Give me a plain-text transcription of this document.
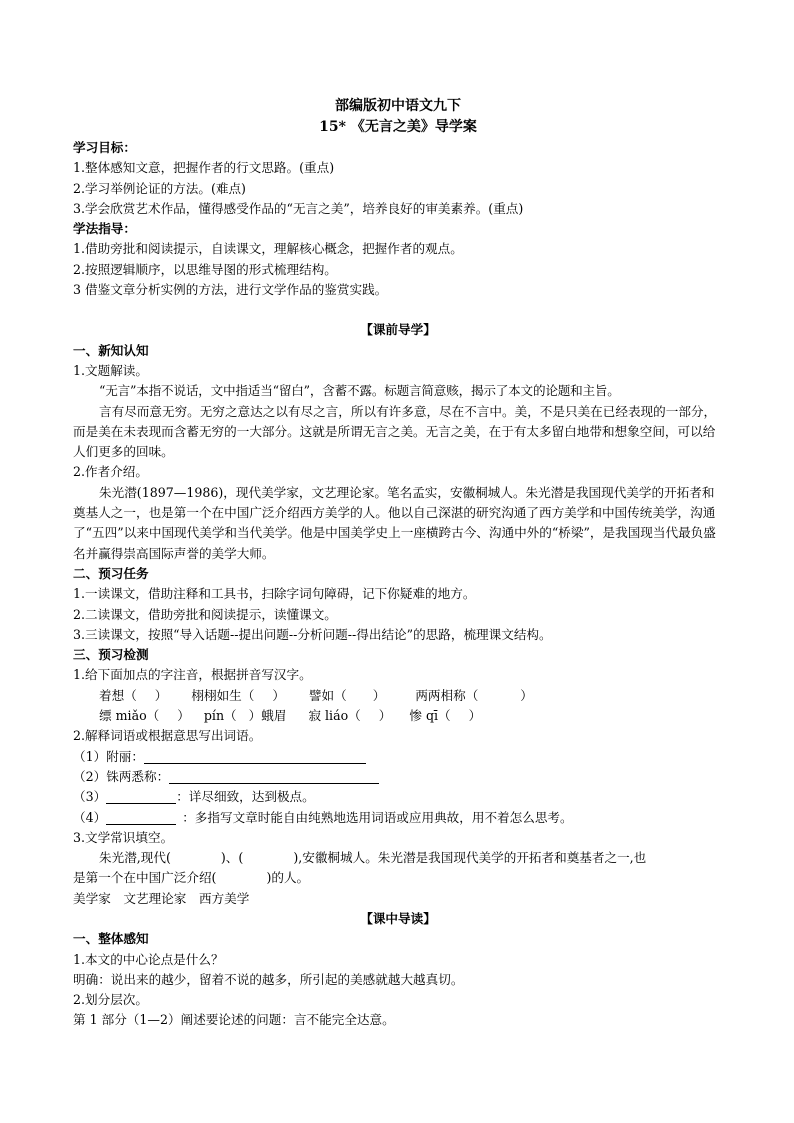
部编版初中语文九下

15* 《无言之美》导学案

学习目标：

1.整体感知文意，把握作者的行文思路。(重点)

2.学习举例论证的方法。(难点)

3.学会欣赏艺术作品，懂得感受作品的“无言之美”，培养良好的审美素养。(重点)

学法指导：

1.借助旁批和阅读提示，自读课文，理解核心概念，把握作者的观点。

2.按照逻辑顺序，以思维导图的形式梳理结构。

3 借鉴文章分析实例的方法，进行文学作品的鉴赏实践。

【课前导学】

一、新知认知

1.文题解读。

“无言”本指不说话，文中指适当“留白”，含蓄不露。标题言简意赅，揭示了本文的论题和主旨。

言有尽而意无穷。无穷之意达之以有尽之言，所以有许多意，尽在不言中。美，不是只美在已经表现的一部分，而是美在未表现而含蓄无穷的一大部分。这就是所谓无言之美。无言之美，在于有太多留白地带和想象空间，可以给人们更多的回味。

2.作者介绍。

朱光潜(1897—1986)，现代美学家，文艺理论家。笔名孟实，安徽桐城人。朱光潜是我国现代美学的开拓者和奠基人之一，也是第一个在中国广泛介绍西方美学的人。他以自己深湛的研究沟通了西方美学和中国传统美学，沟通了“五四”以来中国现代美学和当代美学。他是中国美学史上一座横跨古今、沟通中外的“桥梁”，是我国现当代最负盛名并赢得崇高国际声誉的美学大师。

二、预习任务

1.一读课文，借助注释和工具书，扫除字词句障碍，记下你疑难的地方。

2.二读课文，借助旁批和阅读提示，读懂课文。

3.三读课文，按照“导入话题--提出问题--分析问题--得出结论”的思路，梳理课文结构。

三、预习检测

1.给下面加点的字注音，根据拼音写汉字。

着想（ ） 栩栩如生（ ） 譬如（ ） 两两相称（	）

缥 miǎo（ ） pín（ ）蛾眉 寂 liáo（ ） 惨 qī（ ）

2.解释词语或根据意思写出词语。

（1）附丽：

（2）铢两悉称：

（3）	：详尽细致，达到极点。

（4）	：多指写文章时能自由纯熟地选用词语或应用典故，用不着怎么思考。

3.文学常识填空。

朱光潜,现代(	)、(	),安徽桐城人。朱光潜是我国现代美学的开拓者和奠基者之一,也

是第一个在中国广泛介绍(	)的人。

美学家　文艺理论家　西方美学

【课中导读】

一、整体感知

1.本文的中心论点是什么？

明确：说出来的越少，留着不说的越多，所引起的美感就越大越真切。

2.划分层次。

第 1 部分（1—2）阐述要论述的问题：言不能完全达意。
